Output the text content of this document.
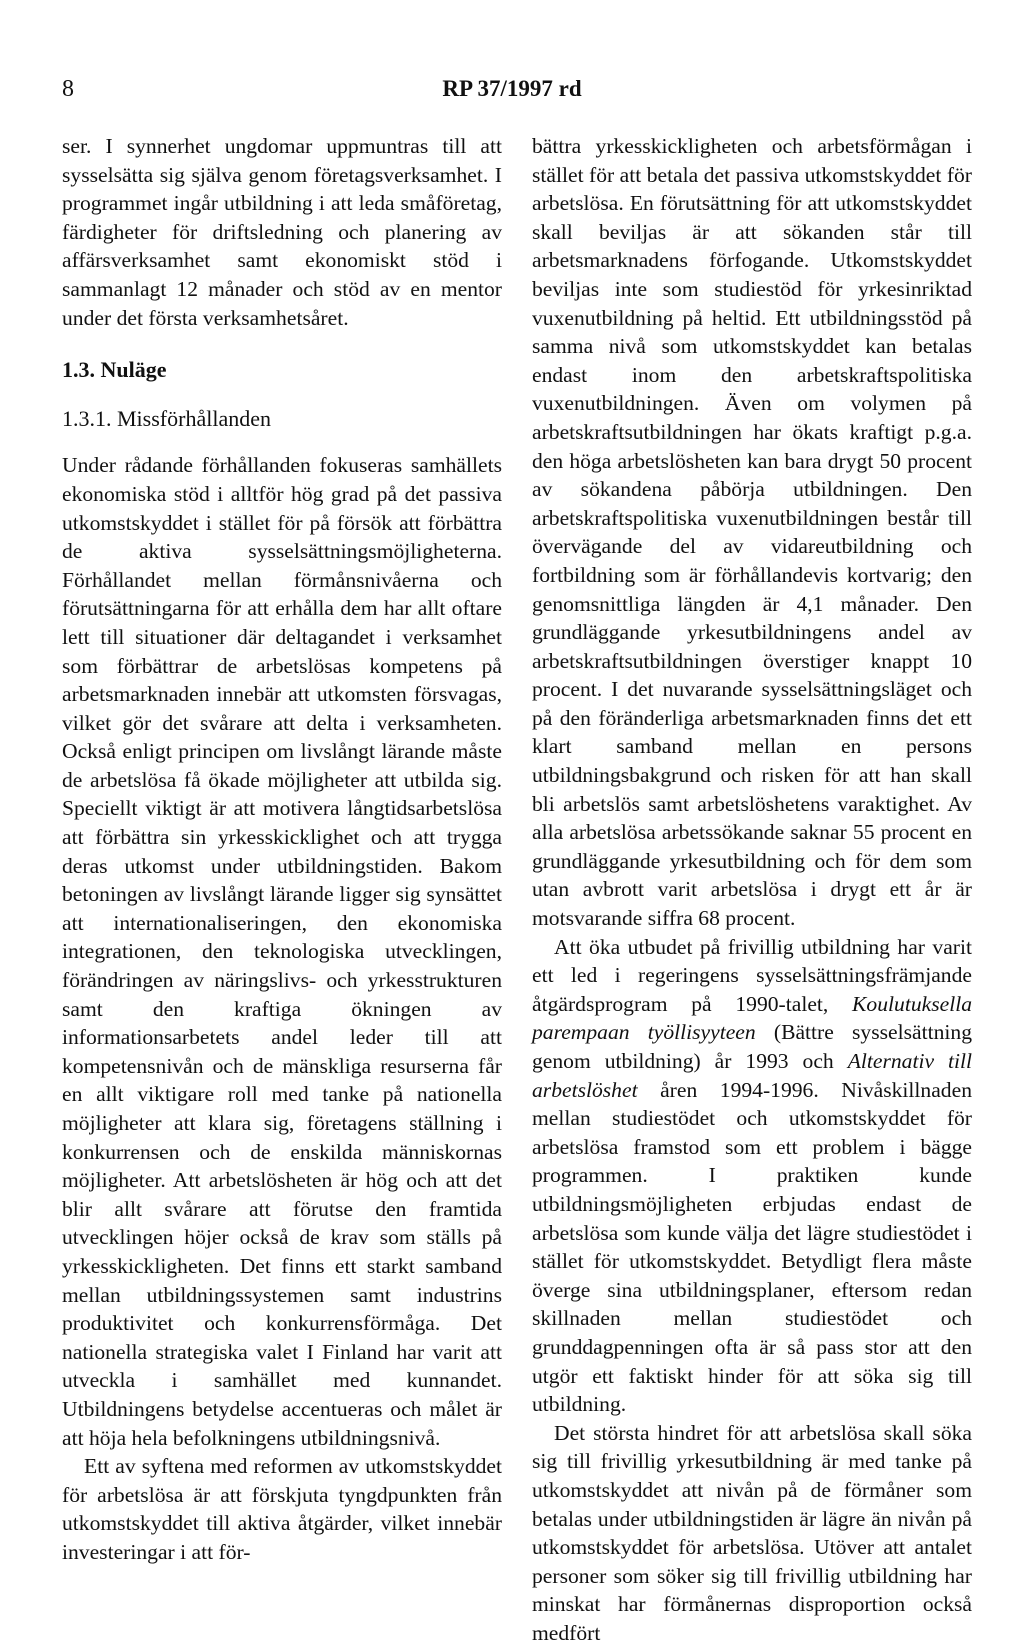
8	RP 37/1997 rd

ser. I synnerhet ungdomar uppmuntras till att sysselsätta sig själva genom företagsverksamhet. I programmet ingår utbildning i att leda småföretag, färdigheter för driftsledning och planering av affärsverksamhet samt ekonomiskt stöd i sammanlagt 12 månader och stöd av en mentor under det första verksamhetsåret.

1.3. Nuläge
1.3.1. Missförhållanden

Under rådande förhållanden fokuseras samhällets ekonomiska stöd i alltför hög grad på det passiva utkomstskyddet i stället för på försök att förbättra de aktiva sysselsättningsmöjligheterna. Förhållandet mellan förmånsnivåerna och förutsättningarna för att erhålla dem har allt oftare lett till situationer där deltagandet i verksamhet som förbättrar de arbetslösas kompetens på arbetsmarknaden innebär att utkomsten försvagas, vilket gör det svårare att delta i verksamheten. Också enligt principen om livslångt lärande måste de arbetslösa få ökade möjligheter att utbilda sig. Speciellt viktigt är att motivera långtidsarbetslösa att förbättra sin yrkesskicklighet och att trygga deras utkomst under utbildningstiden. Bakom betoningen av livslångt lärande ligger sig synsättet att internationaliseringen, den ekonomiska integrationen, den teknologiska utvecklingen, förändringen av näringslivs- och yrkesstrukturen samt den kraftiga ökningen av informationsarbetets andel leder till att kompetensnivån och de mänskliga resurserna får en allt viktigare roll med tanke på nationella möjligheter att klara sig, företagens ställning i konkurrensen och de enskilda människornas möjligheter. Att arbetslösheten är hög och att det blir allt svårare att förutse den framtida utvecklingen höjer också de krav som ställs på yrkesskickligheten. Det finns ett starkt samband mellan utbildningssystemen samt industrins produktivitet och konkurrensförmåga. Det nationella strategiska valet I Finland har varit att utveckla i samhället med kunnandet. Utbildningens betydelse accentueras och målet är att höja hela befolkningens utbildningsnivå.

Ett av syftena med reformen av utkomstskyddet för arbetslösa är att förskjuta tyngdpunkten från utkomstskyddet till aktiva åtgärder, vilket innebär investeringar i att för-

bättra yrkesskickligheten och arbetsförmågan i stället för att betala det passiva utkomstskyddet för arbetslösa. En förutsättning för att utkomstskyddet skall beviljas är att sökanden står till arbetsmarknadens förfogande. Utkomstskyddet beviljas inte som studiestöd för yrkesinriktad vuxenutbildning på heltid. Ett utbildningsstöd på samma nivå som utkomstskyddet kan betalas endast inom den arbetskraftspolitiska vuxenutbildningen. Även om volymen på arbetskraftsutbildningen har ökats kraftigt p.g.a. den höga arbetslösheten kan bara drygt 50 procent av sökandena påbörja utbildningen. Den arbetskraftspolitiska vuxenutbildningen består till övervägande del av vidareutbildning och fortbildning som är förhållandevis kortvarig; den genomsnittliga längden är 4,1 månader. Den grundläggande yrkesutbildningens andel av arbetskraftsutbildningen överstiger knappt 10 procent. I det nuvarande sysselsättningsläget och på den föränderliga arbetsmarknaden finns det ett klart samband mellan en persons utbildningsbakgrund och risken för att han skall bli arbetslös samt arbetslöshetens varaktighet. Av alla arbetslösa arbetssökande saknar 55 procent en grundläggande yrkesutbildning och för dem som utan avbrott varit arbetslösa i drygt ett år är motsvarande siffra 68 procent.

Att öka utbudet på frivillig utbildning har varit ett led i regeringens sysselsättningsfrämjande åtgärdsprogram på 1990-talet, Koulutuksella parempaan työllisyyteen (Bättre sysselsättning genom utbildning) år 1993 och Alternativ till arbetslöshet åren 1994-1996. Nivåskillnaden mellan studiestödet och utkomstskyddet för arbetslösa framstod som ett problem i bägge programmen. I praktiken kunde utbildningsmöjligheten erbjudas endast de arbetslösa som kunde välja det lägre studiestödet i stället för utkomstskyddet. Betydligt flera måste övergе sina utbildningsplaner, eftersom redan skillnaden mellan studiestödet och grunddagpenningen ofta är så pass stor att den utgör ett faktiskt hinder för att söka sig till utbildning.

Det största hindret för att arbetslösa skall söka sig till frivillig yrkesutbildning är med tanke på utkomstskyddet att nivån på de förmåner som betalas under utbildningstiden är lägre än nivån på utkomstskyddet för arbetslösa. Utöver att antalet personer som söker sig till frivillig utbildning har minskat har förmånernas disproportion också medfört
